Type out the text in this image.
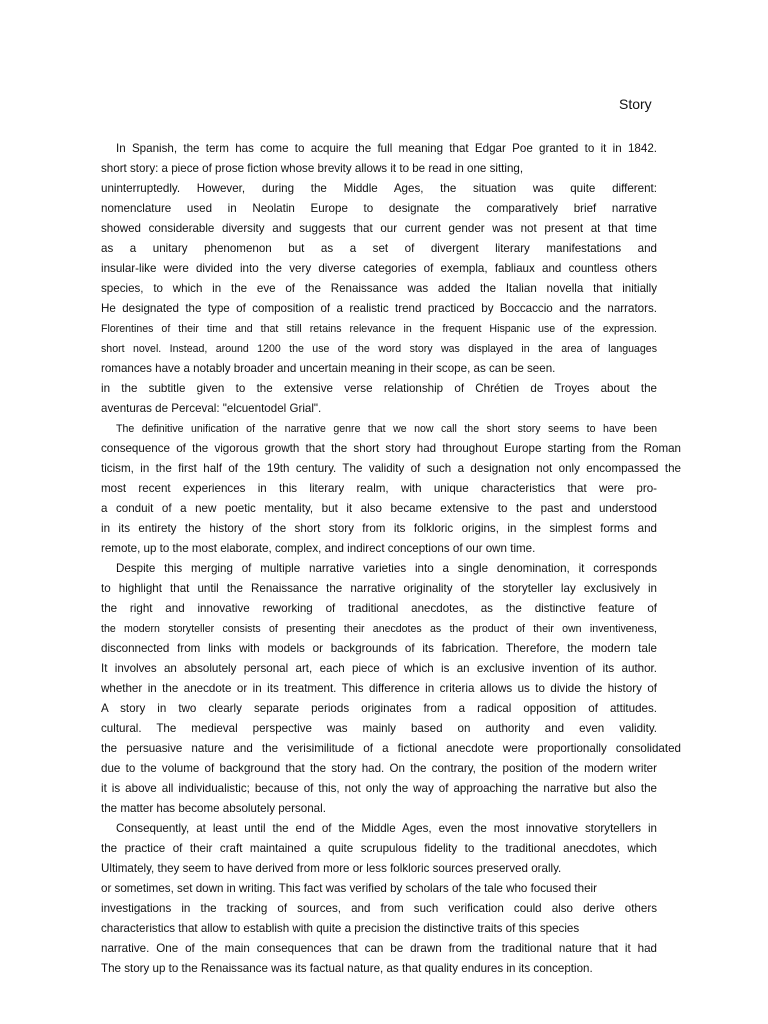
Story
In Spanish, the term has come to acquire the full meaning that Edgar Poe granted to it in 1842.
short story: a piece of prose fiction whose brevity allows it to be read in one sitting,
uninterruptedly. However, during the Middle Ages, the situation was quite different:
nomenclature used in Neolatin Europe to designate the comparatively brief narrative
showed considerable diversity and suggests that our current gender was not present at that time
as a unitary phenomenon but as a set of divergent literary manifestations and
insular-like were divided into the very diverse categories of exempla, fabliaux and countless others
species, to which in the eve of the Renaissance was added the Italian novella that initially
He designated the type of composition of a realistic trend practiced by Boccaccio and the narrators.
Florentines of their time and that still retains relevance in the frequent Hispanic use of the expression.
short novel. Instead, around 1200 the use of the word story was displayed in the area of languages
romances have a notably broader and uncertain meaning in their scope, as can be seen.
in the subtitle given to the extensive verse relationship of Chrétien de Troyes about the
aventuras de Perceval: "elcuentodel Grial".
The definitive unification of the narrative genre that we now call the short story seems to have been
consequence of the vigorous growth that the short story had throughout Europe starting from the Roman
ticism, in the first half of the 19th century. The validity of such a designation not only encompassed the
most recent experiences in this literary realm, with unique characteristics that were pro-
a conduit of a new poetic mentality, but it also became extensive to the past and understood
in its entirety the history of the short story from its folkloric origins, in the simplest forms and
remote, up to the most elaborate, complex, and indirect conceptions of our own time.
Despite this merging of multiple narrative varieties into a single denomination, it corresponds
to highlight that until the Renaissance the narrative originality of the storyteller lay exclusively in
the right and innovative reworking of traditional anecdotes, as the distinctive feature of
the modern storyteller consists of presenting their anecdotes as the product of their own inventiveness,
disconnected from links with models or backgrounds of its fabrication. Therefore, the modern tale
It involves an absolutely personal art, each piece of which is an exclusive invention of its author.
whether in the anecdote or in its treatment. This difference in criteria allows us to divide the history of
A story in two clearly separate periods originates from a radical opposition of attitudes.
cultural. The medieval perspective was mainly based on authority and even validity.
the persuasive nature and the verisimilitude of a fictional anecdote were proportionally consolidated
due to the volume of background that the story had. On the contrary, the position of the modern writer
it is above all individualistic; because of this, not only the way of approaching the narrative but also the
the matter has become absolutely personal.
Consequently, at least until the end of the Middle Ages, even the most innovative storytellers in
the practice of their craft maintained a quite scrupulous fidelity to the traditional anecdotes, which
Ultimately, they seem to have derived from more or less folkloric sources preserved orally.
or sometimes, set down in writing. This fact was verified by scholars of the tale who focused their
investigations in the tracking of sources, and from such verification could also derive others
characteristics that allow to establish with quite a precision the distinctive traits of this species
narrative. One of the main consequences that can be drawn from the traditional nature that it had
The story up to the Renaissance was its factual nature, as that quality endures in its conception.
